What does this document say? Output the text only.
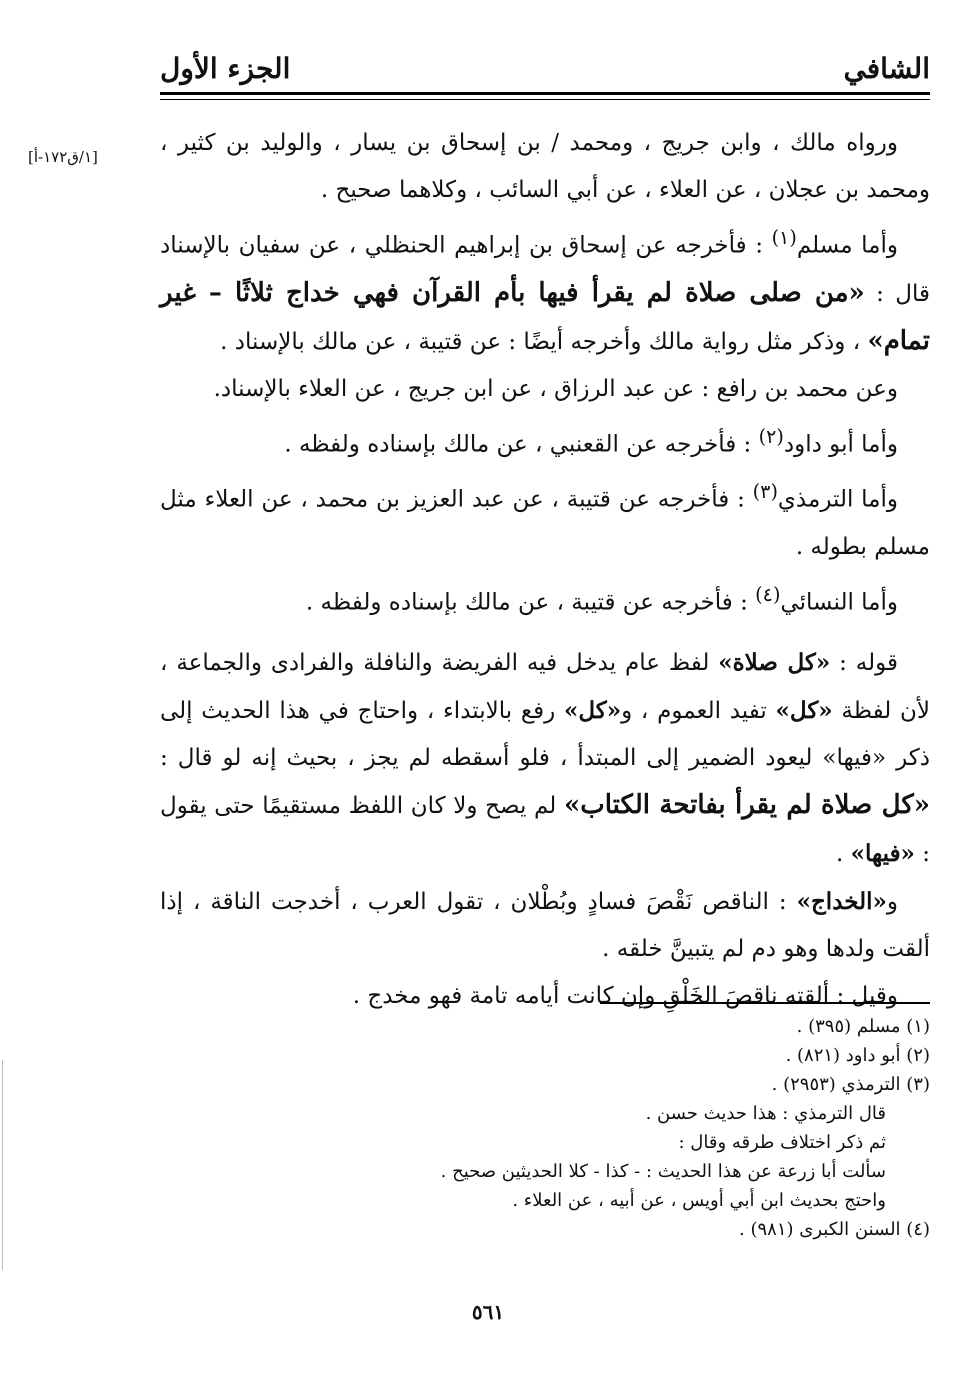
الشافي
الجزء الأول
[١/ق١٧٢-أ]

ورواه مالك ، وابن جريج ، ومحمد / بن إسحاق بن يسار ، والوليد بن كثير ، ومحمد بن عجلان ، عن العلاء ، عن أبي السائب ، وكلاهما صحيح .

وأما مسلم$^{(١)}$ : فأخرجه عن إسحاق بن إبراهيم الحنظلي ، عن سفيان بالإسناد قال : «من صلى صلاة لم يقرأ فيها بأم القرآن فهي خداج ثلاثًا – غير تمام» ، وذكر مثل رواية مالك وأخرجه أيضًا : عن قتيبة ، عن مالك بالإسناد .

وعن محمد بن رافع : عن عبد الرزاق ، عن ابن جريج ، عن العلاء بالإسناد.

وأما أبو داود$^{(٢)}$ : فأخرجه عن القعنبي ، عن مالك بإسناده ولفظه .

وأما الترمذي$^{(٣)}$ : فأخرجه عن قتيبة ، عن عبد العزيز بن محمد ، عن العلاء مثل مسلم بطوله .

وأما النسائي$^{(٤)}$ : فأخرجه عن قتيبة ، عن مالك بإسناده ولفظه .

قوله : «كل صلاة» لفظ عام يدخل فيه الفريضة والنافلة والفرادى والجماعة ، لأن لفظة «كل» تفيد العموم ، و«كل» رفع بالابتداء ، واحتاج في هذا الحديث إلى ذكر «فيها» ليعود الضمير إلى المبتدأ ، فلو أسقطه لم يجز ، بحيث إنه لو قال : «كل صلاة لم يقرأ بفاتحة الكتاب» لم يصح ولا كان اللفظ مستقيمًا حتى يقول : «فيها» .

و«الخداج» : الناقص نَقْصَ فسادٍ وبُطْلان ، تقول العرب ، أخدجت الناقة ، إذا ألقت ولدها وهو دم لم يتبينَّ خلقه .

وقيل : ألقته ناقصَ الخَلْقِ وإن كانت أيامه تامة فهو مخدج .

(١) مسلم (٣٩٥) .

(٢) أبو داود (٨٢١) .

(٣) الترمذي (٢٩٥٣) .

قال الترمذي : هذا حديث حسن .

ثم ذكر اختلاف طرقه وقال :

سألت أبا زرعة عن هذا الحديث : - كذا - كلا الحديثين صحيح .

واحتج بحديث ابن أبي أويس ، عن أبيه ، عن العلاء .

(٤) السنن الكبرى (٩٨١) .

٥٦١
